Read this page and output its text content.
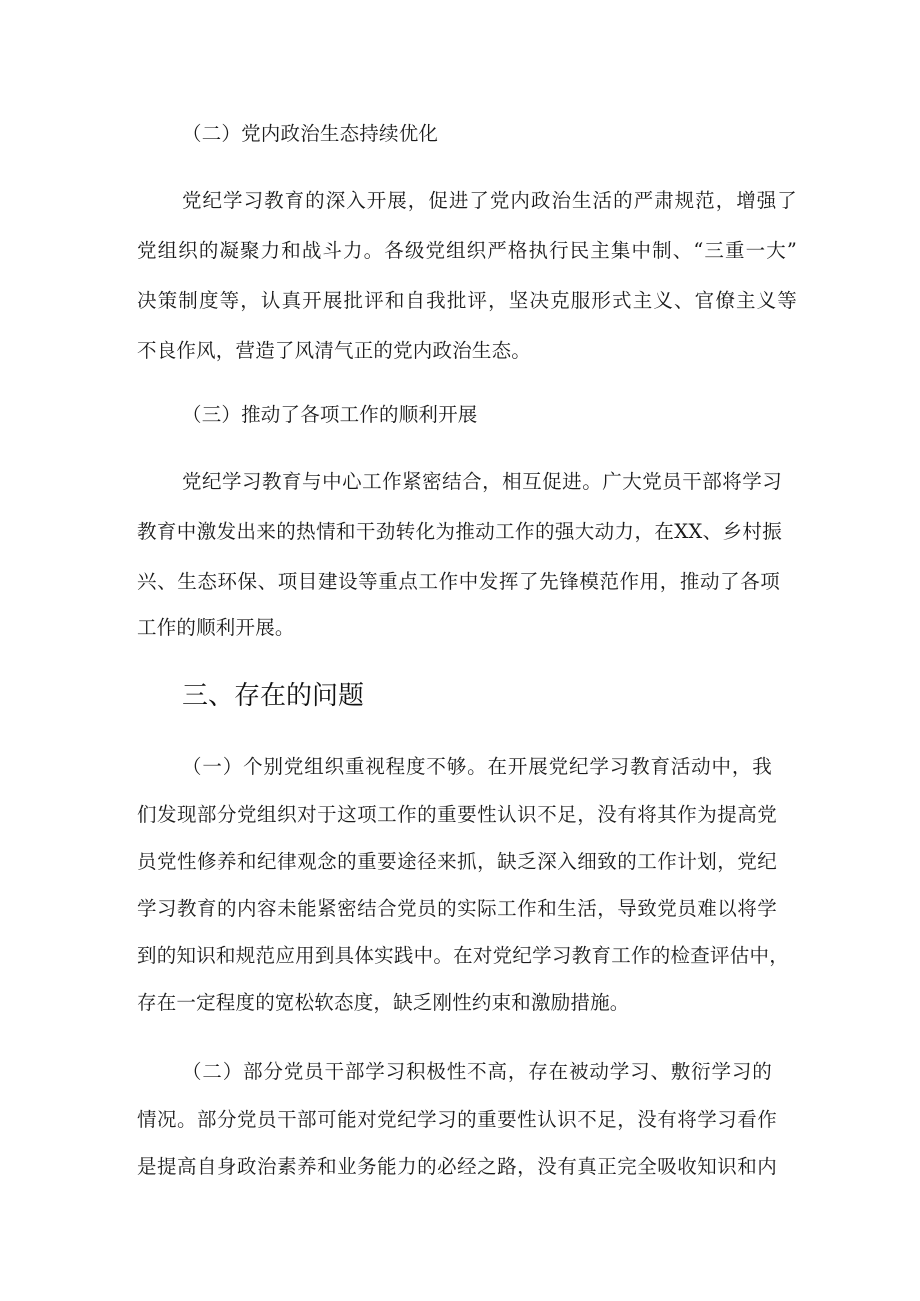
（二）党内政治生态持续优化
党纪学习教育的深入开展，促进了党内政治生活的严肃规范，增强了
党组织的凝聚力和战斗力。各级党组织严格执行民主集中制、“三重一大”
决策制度等，认真开展批评和自我批评，坚决克服形式主义、官僚主义等
不良作风，营造了风清气正的党内政治生态。
（三）推动了各项工作的顺利开展
党纪学习教育与中心工作紧密结合，相互促进。广大党员干部将学习
教育中激发出来的热情和干劲转化为推动工作的强大动力，在XX、乡村振
兴、生态环保、项目建设等重点工作中发挥了先锋模范作用，推动了各项
工作的顺利开展。
三、存在的问题
（一）个别党组织重视程度不够。在开展党纪学习教育活动中，我
们发现部分党组织对于这项工作的重要性认识不足，没有将其作为提高党
员党性修养和纪律观念的重要途径来抓，缺乏深入细致的工作计划，党纪
学习教育的内容未能紧密结合党员的实际工作和生活，导致党员难以将学
到的知识和规范应用到具体实践中。在对党纪学习教育工作的检查评估中，
存在一定程度的宽松软态度，缺乏刚性约束和激励措施。
（二）部分党员干部学习积极性不高，存在被动学习、敷衍学习的
情况。部分党员干部可能对党纪学习的重要性认识不足，没有将学习看作
是提高自身政治素养和业务能力的必经之路，没有真正完全吸收知识和内
